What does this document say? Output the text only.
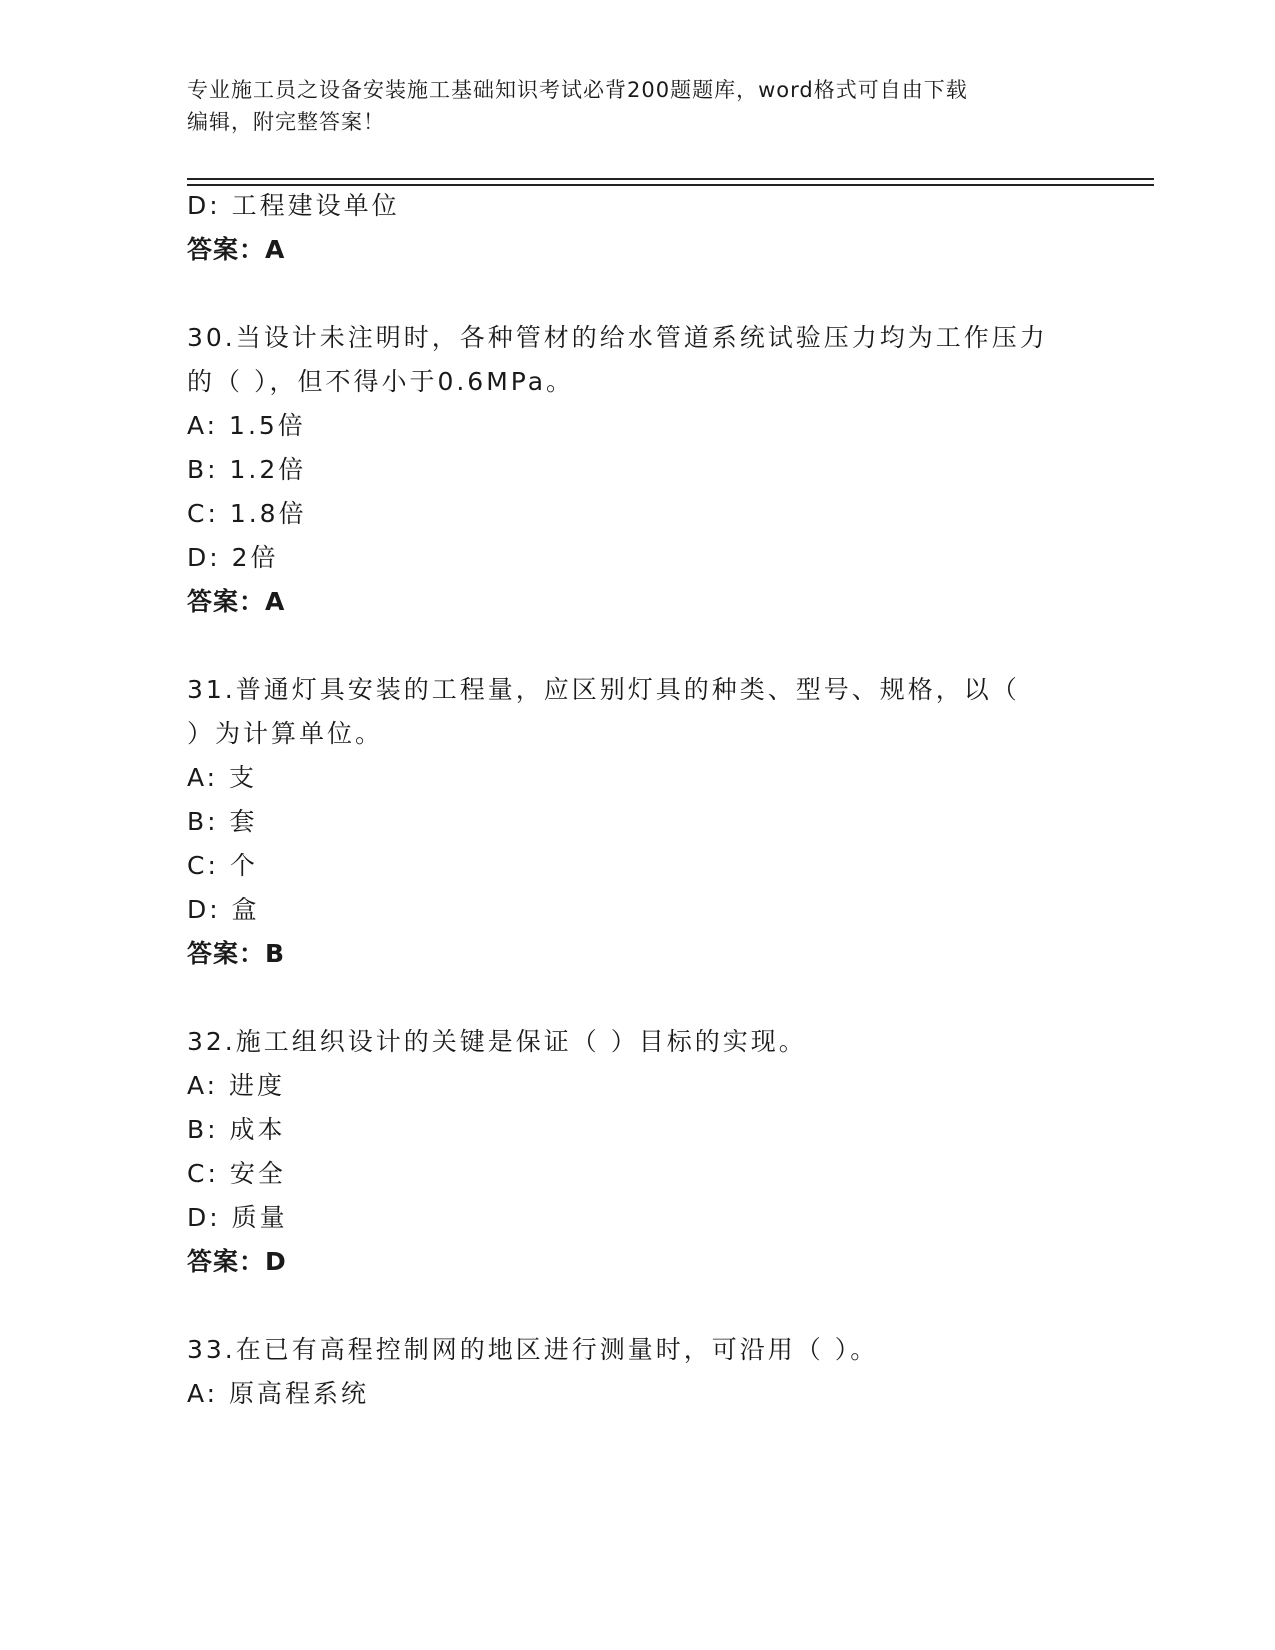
专业施工员之设备安装施工基础知识考试必背200题题库，word格式可自由下载
编辑，附完整答案！
D: 工程建设单位
答案：A
30.当设计未注明时，各种管材的给水管道系统试验压力均为工作压力
的（ ），但不得小于0.6MPa。
A: 1.5倍
B: 1.2倍
C: 1.8倍
D: 2倍
答案：A
31.普通灯具安装的工程量，应区别灯具的种类、型号、规格，以（
）为计算单位。
A: 支
B: 套
C: 个
D: 盒
答案：B
32.施工组织设计的关键是保证（ ）目标的实现。
A: 进度
B: 成本
C: 安全
D: 质量
答案：D
33.在已有高程控制网的地区进行测量时，可沿用（ ）。
A: 原高程系统
